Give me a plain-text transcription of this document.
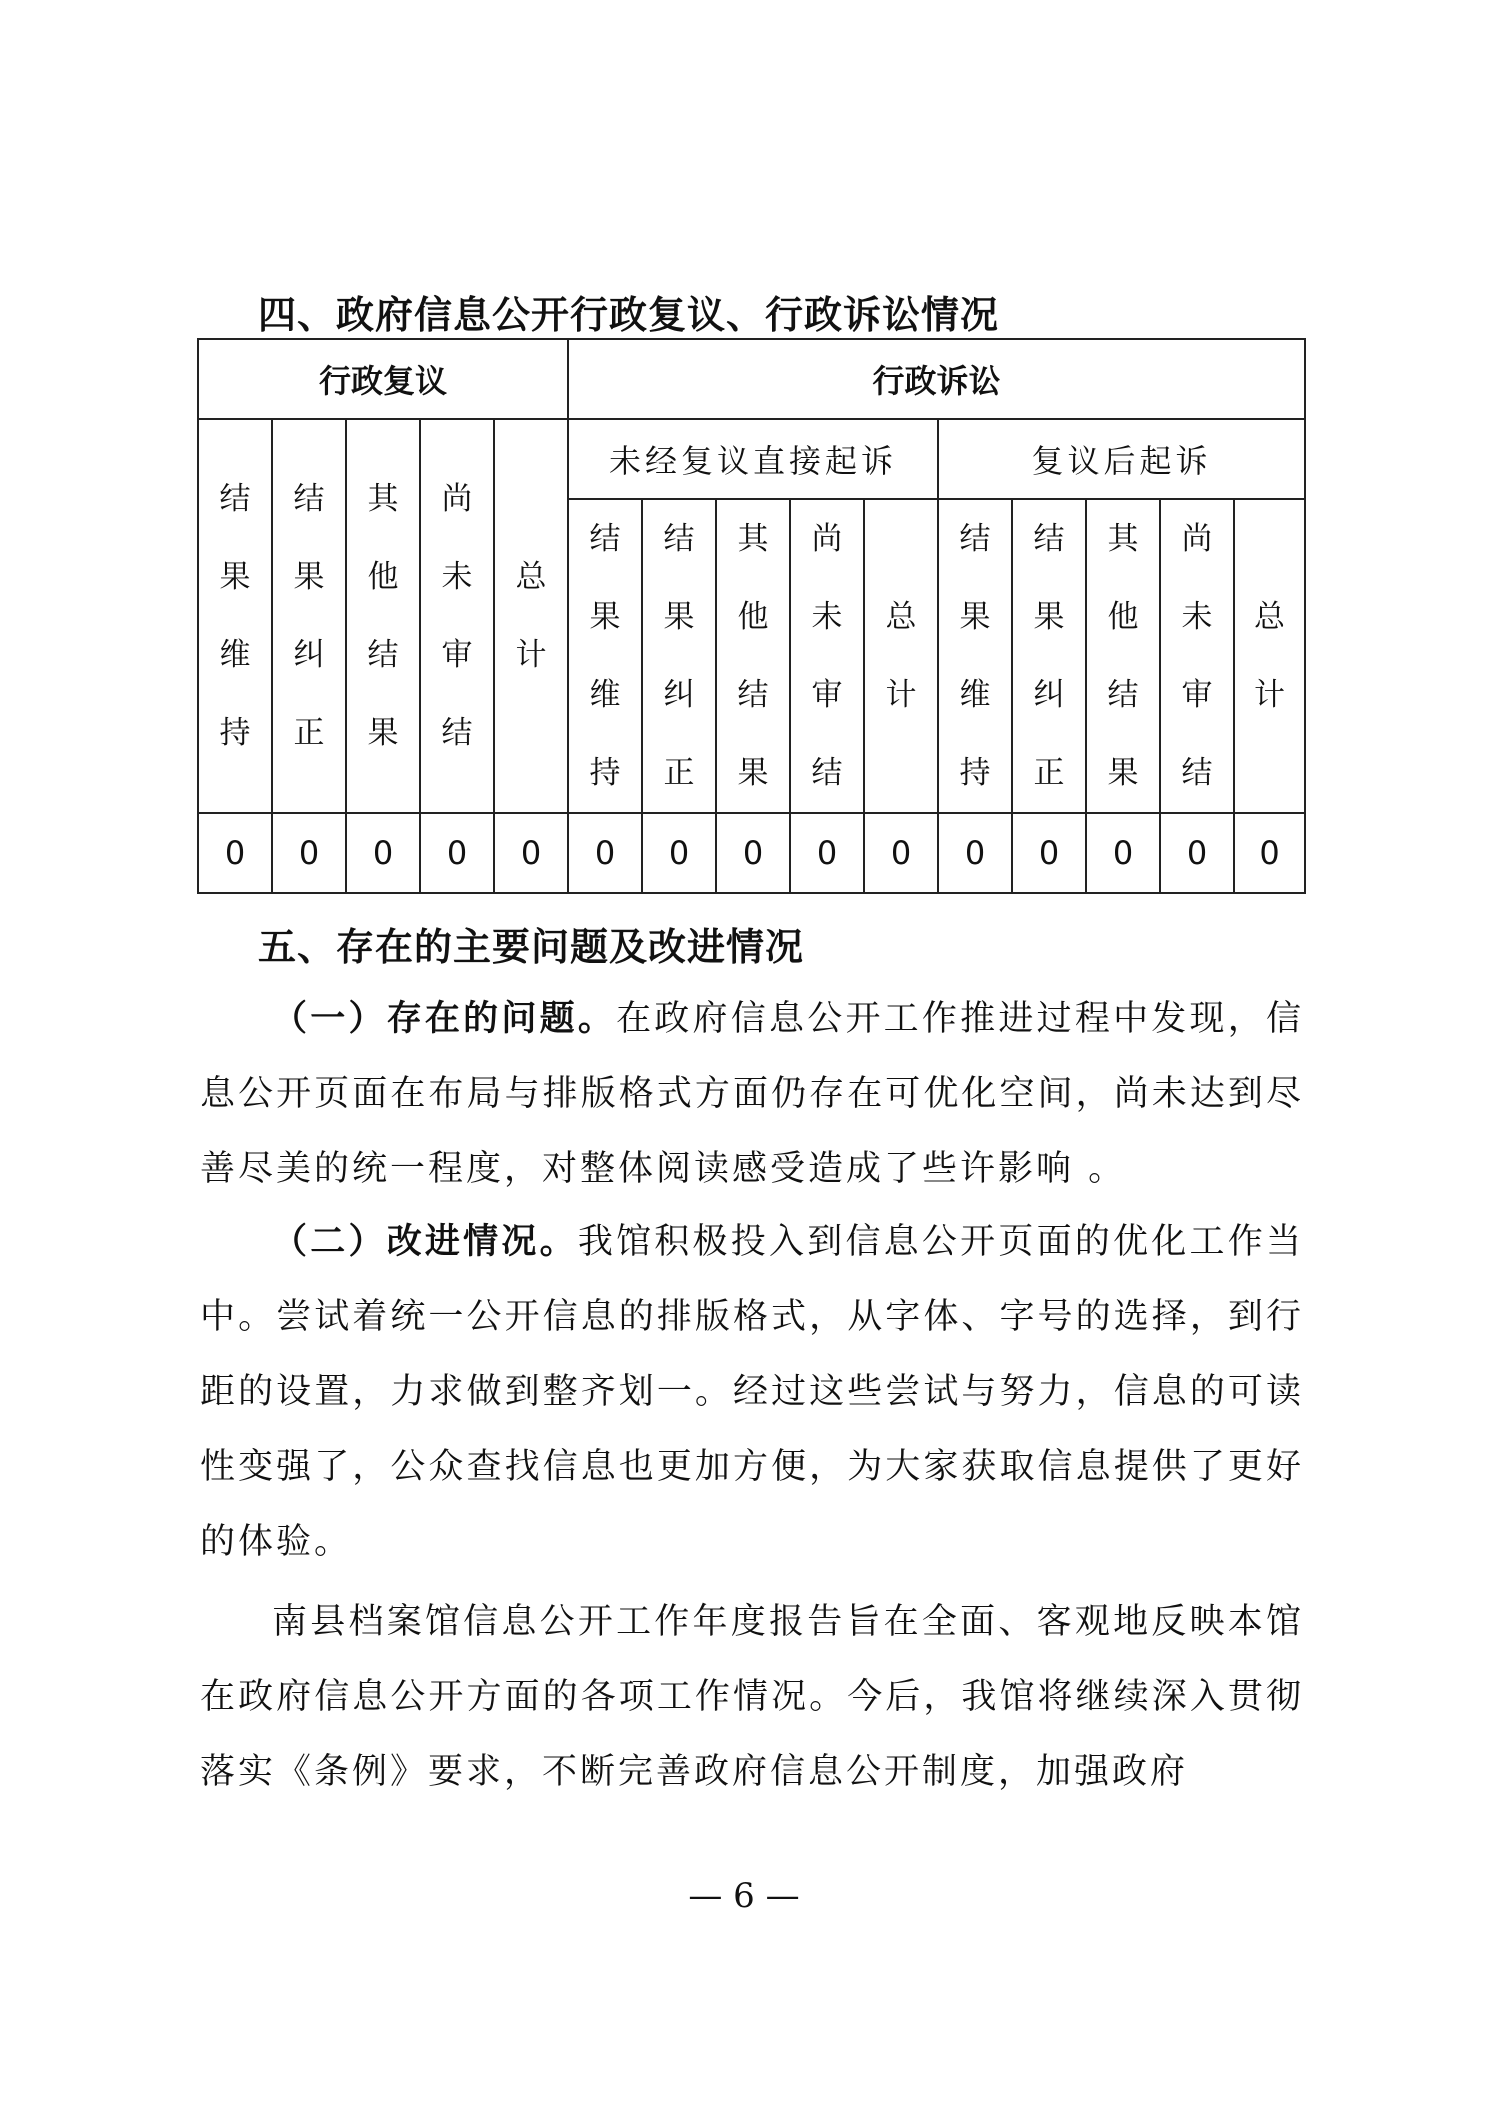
四、政府信息公开行政复议、行政诉讼情况
行政复议					行政诉讼									
结果维持	结果纠正	其他结果	尚未审结	总计	未经复议直接起诉					复议后起诉				
					结果维持	结果纠正	其他结果	尚未审结	总计	结果维持	结果纠正	其他结果	尚未审结	总计
0	0	0	0	0	0	0	0	0	0	0	0	0	0	0
五、存在的主要问题及改进情况

（一）存在的问题。在政府信息公开工作推进过程中发现，信息公开页面在布局与排版格式方面仍存在可优化空间，尚未达到尽善尽美的统一程度，对整体阅读感受造成了些许影响 。

（二）改进情况。我馆积极投入到信息公开页面的优化工作当中。尝试着统一公开信息的排版格式，从字体、字号的选择，到行距的设置，力求做到整齐划一。经过这些尝试与努力，信息的可读性变强了，公众查找信息也更加方便，为大家获取信息提供了更好的体验。

南县档案馆信息公开工作年度报告旨在全面、客观地反映本馆在政府信息公开方面的各项工作情况。今后，我馆将继续深入贯彻落实《条例》要求，不断完善政府信息公开制度，加强政府

— 6 —
